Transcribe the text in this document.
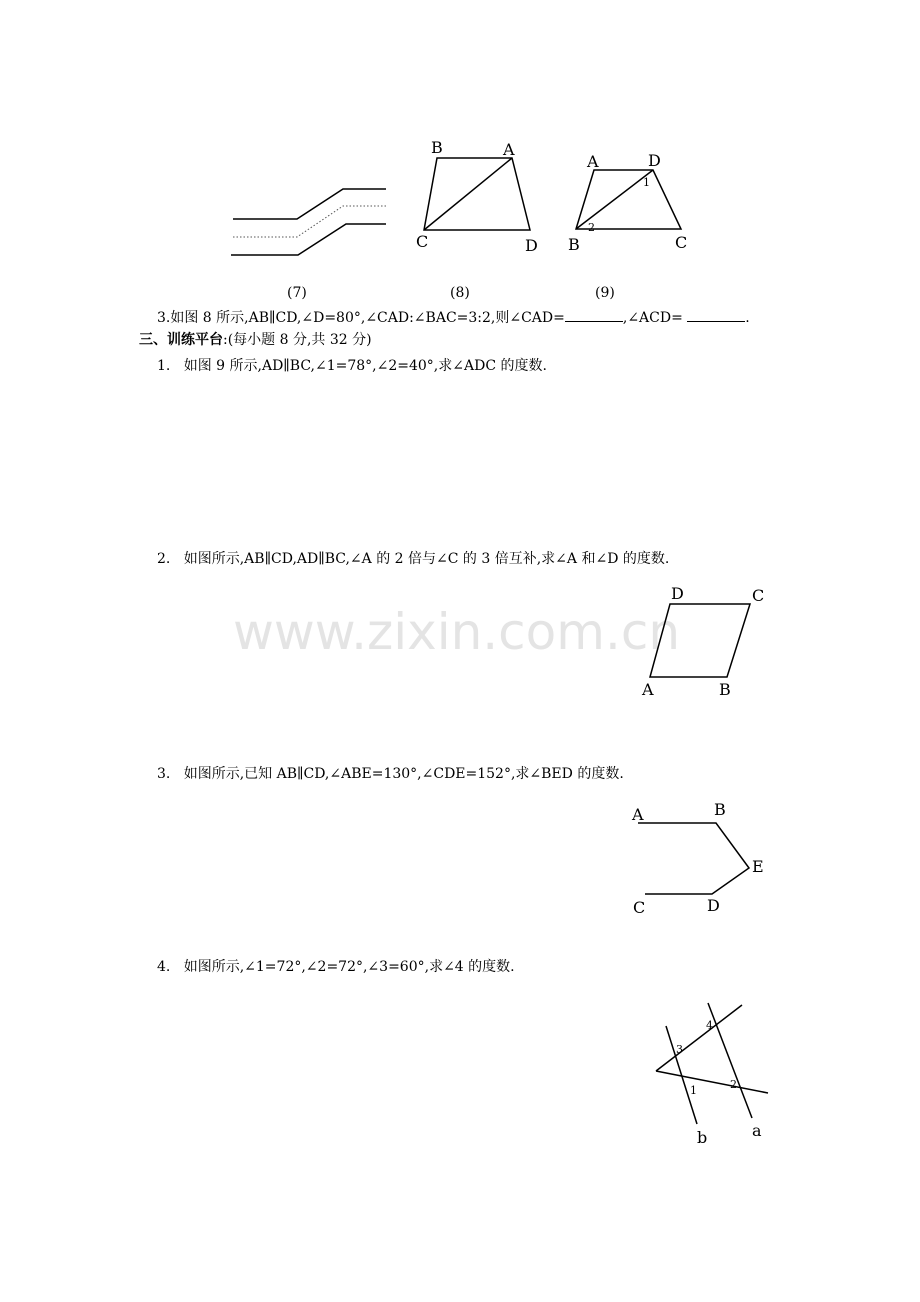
B	A
C	D
A	D
1
2
B	C
(7)	(8)	(9)
3.如图 8 所示,AB∥CD,∠D=80°,∠CAD:∠BAC=3:2,则∠CAD=	,∠ACD=	.
三、训练平台:(每小题 8 分,共 32 分)
1. 如图 9 所示,AD∥BC,∠1=78°,∠2=40°,求∠ADC 的度数.
2. 如图所示,AB∥CD,AD∥BC,∠A 的 2 倍与∠C 的 3 倍互补,求∠A 和∠D 的度数.
www.zixin.com.cn
D	C
A	B
3. 如图所示,已知 AB∥CD,∠ABE=130°,∠CDE=152°,求∠BED 的度数.
A	B
E
C	D
4. 如图所示,∠1=72°,∠2=72°,∠3=60°,求∠4 的度数.
4
3
1	2
b	a
